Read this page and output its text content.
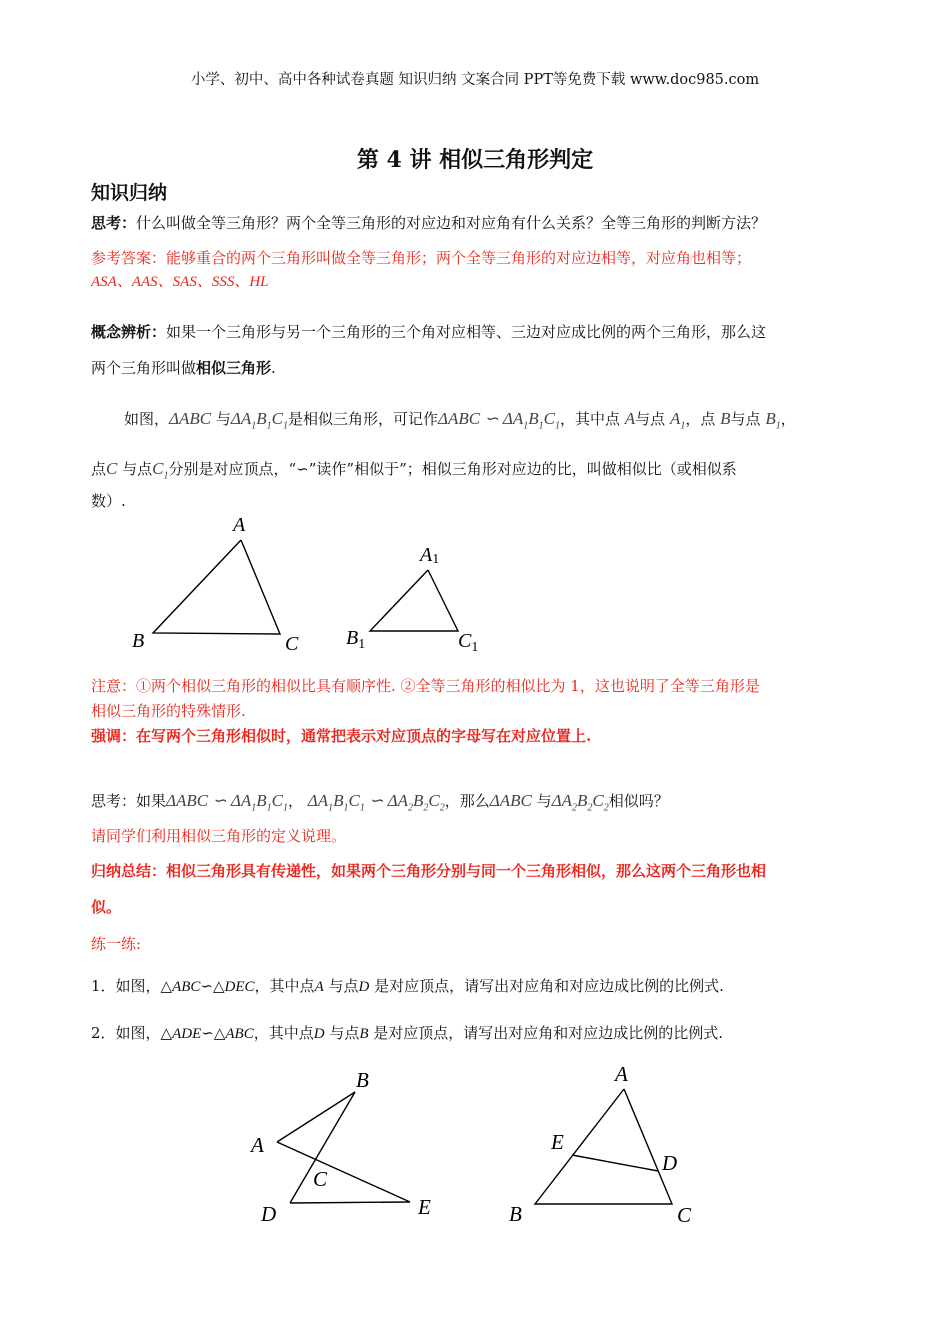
小学、初中、高中各种试卷真题 知识归纳 文案合同 PPT等免费下载 www.doc985.com
第 4 讲 相似三角形判定
知识归纳
思考：什么叫做全等三角形？两个全等三角形的对应边和对应角有什么关系？全等三角形的判断方法？
参考答案：能够重合的两个三角形叫做全等三角形；两个全等三角形的对应边相等，对应角也相等；
ASA、AAS、SAS、SSS、HL
概念辨析：如果一个三角形与另一个三角形的三个角对应相等、三边对应成比例的两个三角形，那么这
两个三角形叫做相似三角形.
如图，ΔABC 与$\Delta A_1B_1C_1$是相似三角形，可记作ΔABC ∽ $\Delta A_1B_1C_1$，其中点 A与点 $A_1$，点 B与点 $B_1$，
点C 与点$C_1$分别是对应顶点，“∽”读作”相似于”；相似三角形对应边的比，叫做相似比（或相似系
数）.
A
B	C
A1
$B_1$	$C_1$
注意：①两个相似三角形的相似比具有顺序性. ②全等三角形的相似比为 1，这也说明了全等三角形是
相似三角形的特殊情形.
强调：在写两个三角形相似时，通常把表示对应顶点的字母写在对应位置上.
思考：如果ΔABC ∽ $\Delta A_1B_1C_1$， $\Delta A_1B_1C_1$ ∽ $\Delta A_2B_2C_2$，那么ΔABC 与$\Delta A_2B_2C_2$相似吗？
请同学们利用相似三角形的定义说理。
归纳总结：相似三角形具有传递性，如果两个三角形分别与同一个三角形相似，那么这两个三角形也相
似。
练一练:
1．如图，△ABC∽△DEC，其中点A 与点D 是对应顶点，请写出对应角和对应边成比例的比例式.
2．如图，△ADE∽△ABC，其中点D 与点B 是对应顶点，请写出对应角和对应边成比例的比例式.
B
A
C
D	E
A
E
D
B	C
